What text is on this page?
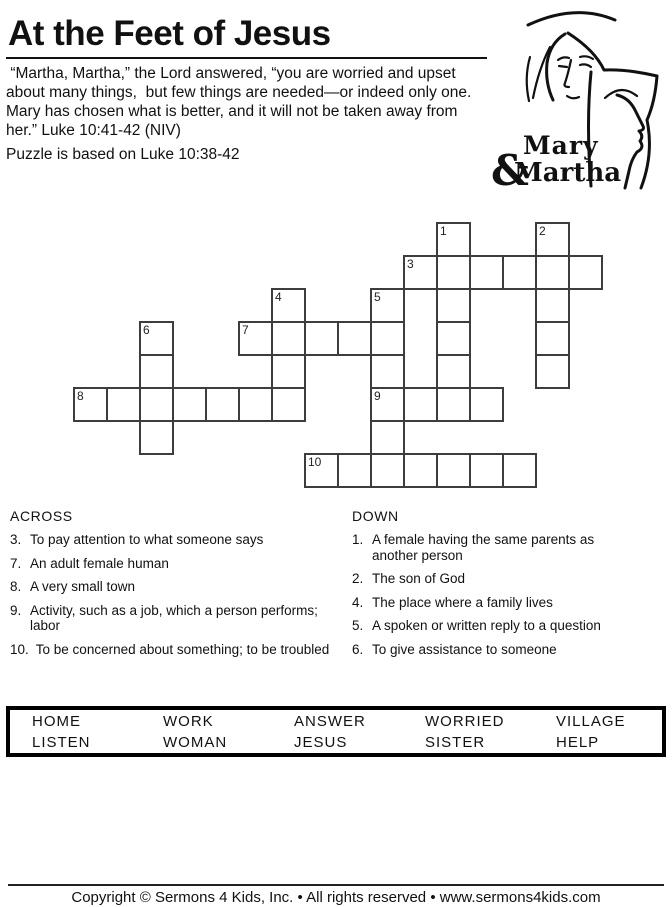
At the Feet of Jesus
“Martha, Martha,” the Lord answered, “you are worried and upset
about many things,  but few things are needed—or indeed only one.
Mary has chosen what is better, and it will not be taken away from
her.” Luke 10:41-42 (NIV)
Puzzle is based on Luke 10:38-42	&
Mary
Martha
1	2
3
4	5
6	7
8	9
10
ACROSS
3. To pay attention to what someone says
7. An adult female human
8. A very small town
9. Activity, such as a job, which a person performs; labor
10. To be concerned about something; to be troubled
DOWN
1. A female having the same parents as another person
2. The son of God
4. The place where a family lives
5. A spoken or written reply to a question
6. To give assistance to someone
HOME	WORK	ANSWER	WORRIED	VILLAGE
LISTEN	WOMAN	JESUS	SISTER	HELP
Copyright © Sermons 4 Kids, Inc. • All rights reserved • www.sermons4kids.com
